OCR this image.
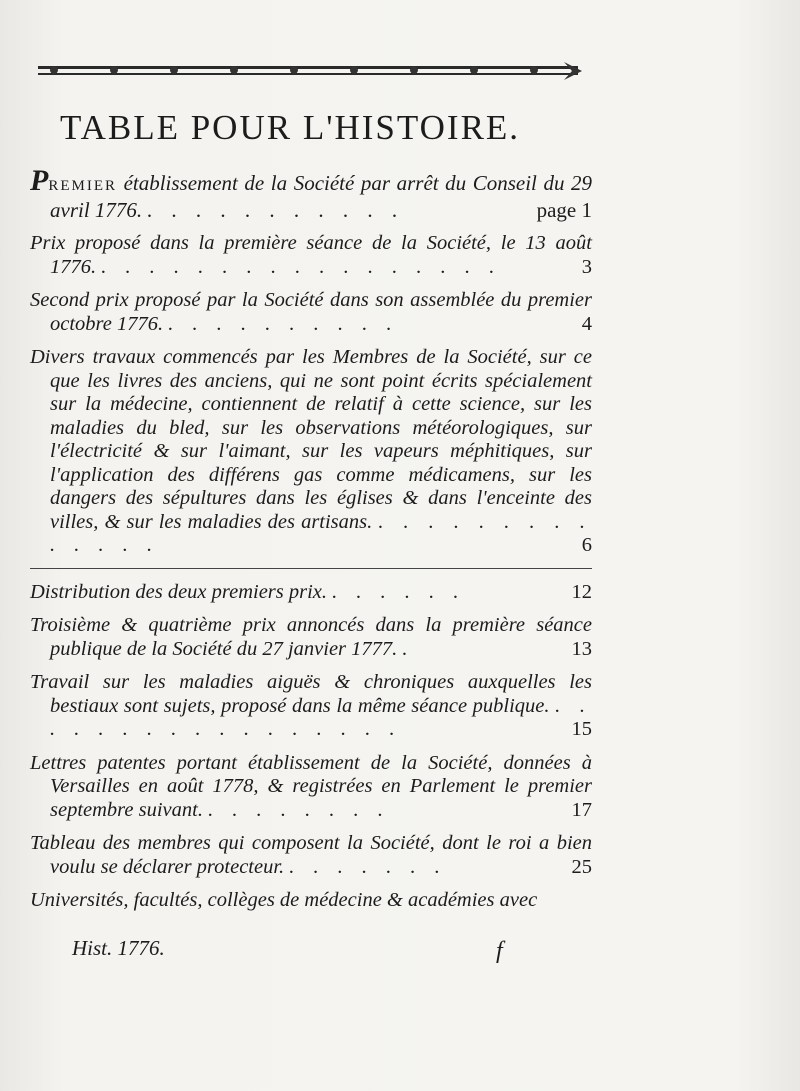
TABLE POUR L'HISTOIRE.
PREMIER établissement de la Société par arrêt du Conseil du 29 avril 1776. . . . . . . . . . . .	page 1
Prix proposé dans la première séance de la Société, le 13 août 1776. . . . . . . . . . . . . . . . . .	3
Second prix proposé par la Société dans son assemblée du premier octobre 1776. . . . . . . . . . .	4
Divers travaux commencés par les Membres de la Société, sur ce que les livres des anciens, qui ne sont point écrits spécialement sur la médecine, contiennent de relatif à cette science, sur les maladies du bled, sur les observations météorologiques, sur l'électricité & sur l'aimant, sur les vapeurs méphitiques, sur l'application des différens gas comme médicamens, sur les dangers des sépultures dans les églises & dans l'enceinte des villes, & sur les maladies des artisans. . . . . . . . . . . . . . .	6
Distribution des deux premiers prix. . . . . . .	12
Troisième & quatrième prix annoncés dans la première séance publique de la Société du 27 janvier 1777. .	13
Travail sur les maladies aiguës & chroniques auxquelles les bestiaux sont sujets, proposé dans la même séance publique. . . . . . . . . . . . . . . . . .	15
Lettres patentes portant établissement de la Société, données à Versailles en août 1778, & registrées en Parlement le premier septembre suivant. . . . . . . . .	17
Tableau des membres qui composent la Société, dont le roi a bien voulu se déclarer protecteur. . . . . . . .	25
Universités, facultés, collèges de médecine & académies avec
Hist. 1776.	f
